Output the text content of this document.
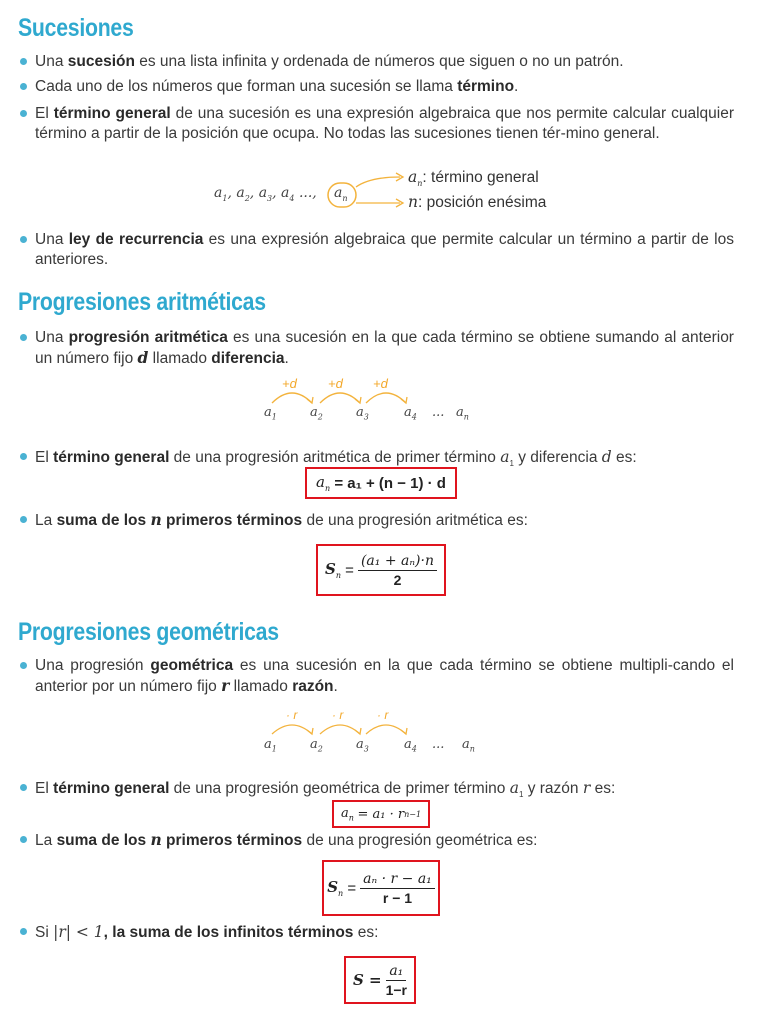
Sucesiones
Una sucesión es una lista infinita y ordenada de números que siguen o no un patrón.
Cada uno de los números que forman una sucesión se llama término.
El término general de una sucesión es una expresión algebraica que nos permite calcular cualquier término a partir de la posición que ocupa. No todas las sucesiones tienen tér-mino general.
$a_1$, $a_2$, $a_3$, $a_4$ ..., $a_n$
$a_n$: término general
n: posición enésima
Una ley de recurrencia es una expresión algebraica que permite calcular un término a partir de los anteriores.
Progresiones aritméticas
Una progresión aritmética es una sucesión en la que cada término se obtiene sumando al anterior un número fijo d llamado diferencia.
+d +d +d
$a_1$	$a_2$	$a_3$	$a_4$ ... $a_n$
El término general de una progresión aritmética de primer término $a_1$ y diferencia d es:
$a_n$
= a₁ + (n − 1) · d
La suma de los n primeros términos de una progresión aritmética es:
$S_n = \frac{\text{(a₁ + aₙ)·n}}{2}$
Progresiones geométricas
Una progresión geométrica es una sucesión en la que cada término se obtiene multipli-cando el anterior por un número fijo r llamado razón.
· r	· r	· r
$a_1$	$a_2$	$a_3$	$a_4$ ... $a_n$
El término general de una progresión geométrica de primer término $a_1$ y razón r es:
$a_n$
= a₁ · r n−1
La suma de los n primeros términos de una progresión geométrica es:
$S_n = \frac{\text{aₙ · r − a₁}}{r - 1}$
Si |r| < 1, la suma de los infinitos términos es:
$S = \frac{\text{a₁}}{1-r}$
